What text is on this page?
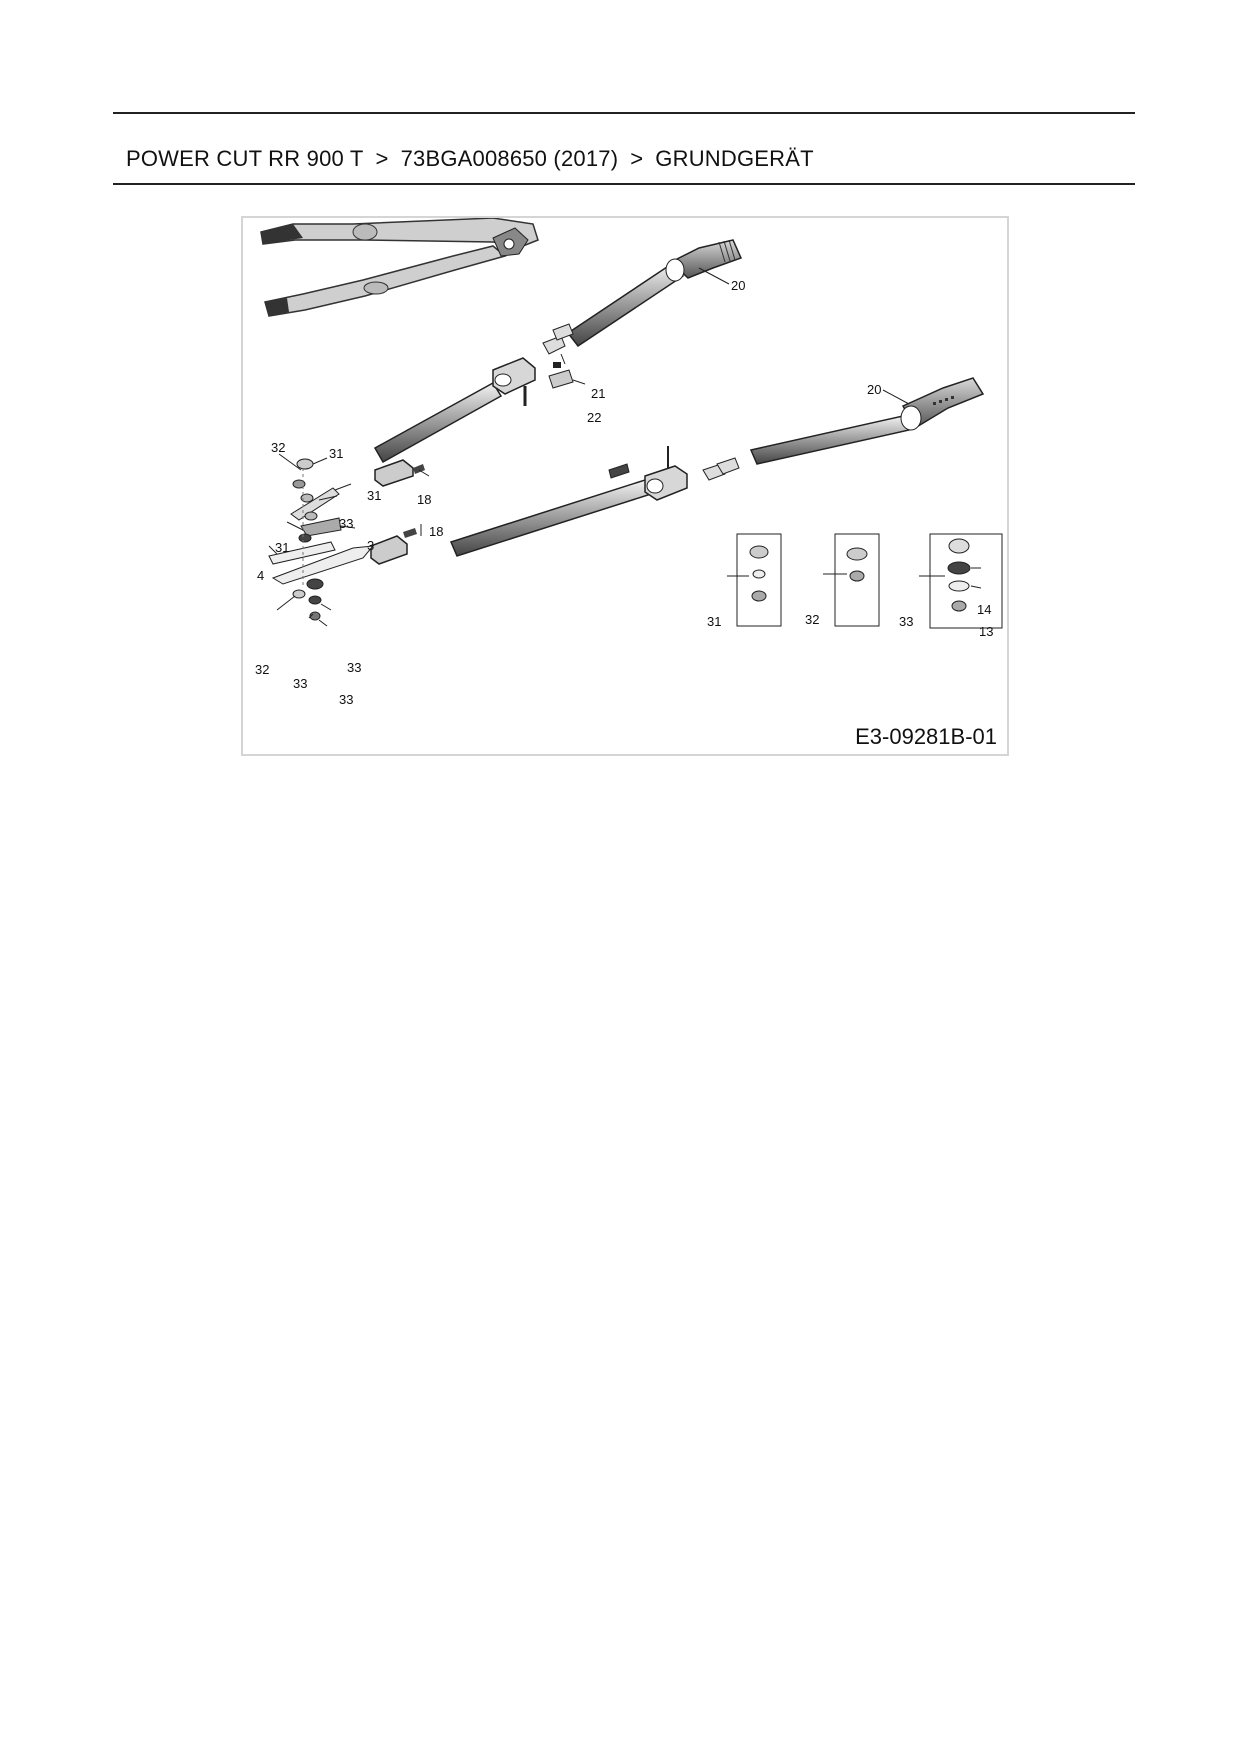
POWER CUT RR 900 T > 73BGA008650 (2017) > GRUNDGERÄT
20
20
21
22
18
18
32	31
31
33
31	3
4
32	33
33
33
31	32	33
14
13
E3-09281B-01
